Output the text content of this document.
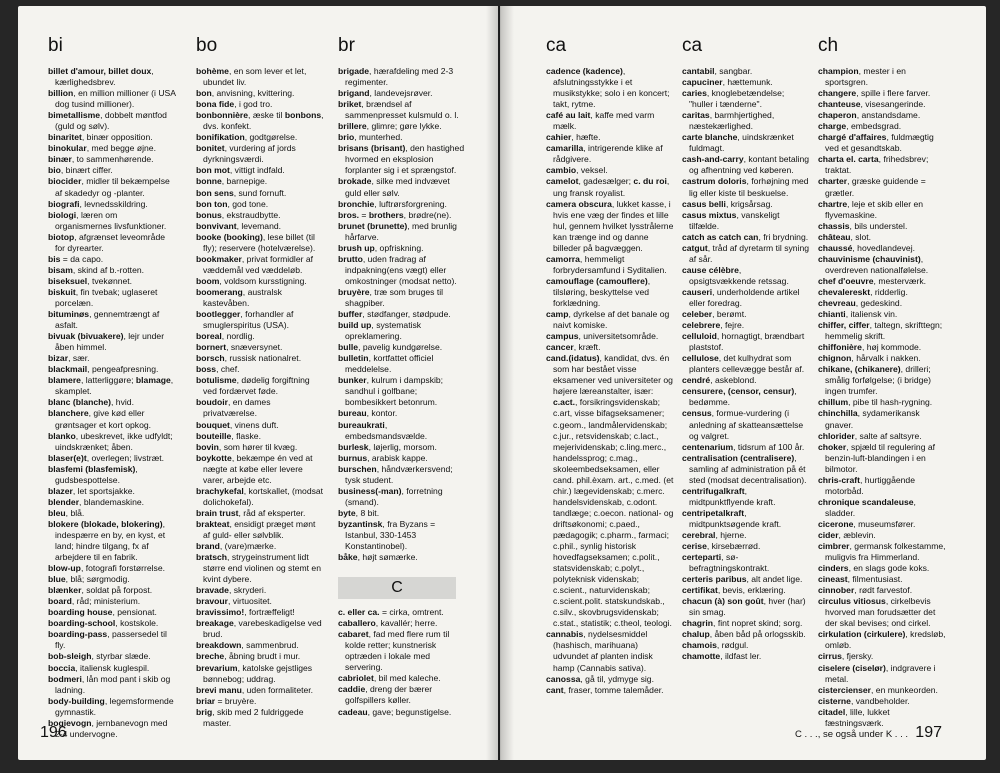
bi

billet d'amour, billet doux, kærlighedsbrev.

billion, en million millioner (i USA dog tusind millioner).

bimetallisme, dobbelt møntfod (guld og sølv).

binaritet, binær opposition.

binokular, med begge øjne.

binær, to sammenhørende.

bio, binært ciffer.

biocider, midler til bekæmpelse af skadedyr og -planter.

biografi, levnedsskildring.

biologi, læren om organismernes livsfunktioner.

biotop, afgrænset leveområde for dyrearter.

bis = da capo.

bisam, skind af b.-rotten.

biseksuel, tvekønnet.

biskuit, fin tvebak; uglaseret porcelæn.

bituminøs, gennemtrængt af asfalt.

bivuak (bivuakere), lejr under åben himmel.

bizar, sær.

blackmail, pengeafpresning.

blamere, latterliggøre; blamage, skamplet.

blanc (blanche), hvid.

blanchere, give kød eller grøntsager et kort opkog.

blanko, ubeskrevet, ikke udfyldt; uindskrænket; åben.

blaser(e)t, overlegen; livstræt.

blasfemi (blasfemisk), gudsbespottelse.

blazer, let sportsjakke.

blender, blandemaskine.

bleu, blå.

blokere (blokade, blokering), indespærre en by, en kyst, et land; hindre tilgang, fx af arbejdere til en fabrik.

blow-up, fotografi forstørrelse.

blue, blå; sørgmodig.

blænker, soldat på forpost.

board, råd; ministerium.

boarding house, pensionat.

boarding-school, kostskole.

boarding-pass, passersedel til fly.

bob-sleigh, styrbar slæde.

boccia, italiensk kuglespil.

bodmeri, lån mod pant i skib og ladning.

body-building, legemsformende gymnastik.

bogievogn, jernbanevogn med 2-4 undervogne.

bo

bohème, en som lever et let, ubundet liv.

bon, anvisning, kvittering.

bona fide, i god tro.

bonbonnière, æske til bonbons, dvs. konfekt.

bonifikation, godtgørelse.

bonitet, vurdering af jords dyrkningsværdi.

bon mot, vittigt indfald.

bonne, barnepige.

bon sens, sund fornuft.

bon ton, god tone.

bonus, ekstraudbytte.

bonvivant, levemand.

booke (booking), lese billet (til fly); reservere (hotelværelse).

bookmaker, privat formidler af væddemål ved væddeløb.

boom, voldsom kursstigning.

boomerang, australsk kastevåben.

bootlegger, forhandler af smuglerspiritus (USA).

boreal, nordlig.

bornert, snæversynet.

borsch, russisk nationalret.

boss, chef.

botulisme, dødelig forgiftning ved fordærvet føde.

boudoir, en dames privatværelse.

bouquet, vinens duft.

bouteille, flaske.

bovin, som hører til kvæg.

boykotte, bekæmpe én ved at nægte at købe eller levere varer, arbejde etc.

brachykefal, kortskallet, (modsat dolichokefal).

brain trust, råd af eksperter.

brakteat, ensidigt præget mønt af guld- eller sølvblik.

brand, (vare)mærke.

bratsch, strygeinstrument lidt større end violinen og stemt en kvint dybere.

bravade, skryderi.

bravour, virtuositet.

bravissimo!, fortræffeligt!

breakage, varebeskadigelse ved brud.

breakdown, sammenbrud.

breche, åbning brudt i mur.

brevarium, katolske gejstliges bønnebog; uddrag.

brevi manu, uden formaliteter.

briar = bruyère.

brig, skib med 2 fuldriggede master.

br

brigade, hærafdeling med 2-3 regimenter.

brigand, landevejsrøver.

briket, brændsel af sammenpresset kulsmuld o. l.

brillere, glimre; gøre lykke.

brio, munterhed.

brisans (brisant), den hastighed hvormed en eksplosion forplanter sig i et sprængstof.

brokade, silke med indvævet guld eller sølv.

bronchie, luftrørsforgrening.

bros. = brothers, brødre(ne).

brunet (brunette), med brunlig hårfarve.

brush up, opfriskning.

brutto, uden fradrag af indpakning(ens vægt) eller omkostninger (modsat netto).

bruyère, træ som bruges til shagpiber.

buffer, stødfanger, stødpude.

build up, systematisk opreklamering.

bulle, pavelig kundgørelse.

bulletin, kortfattet officiel meddelelse.

bunker, kulrum i dampskib; sandhul i golfbane; bombesikkert betonrum.

bureau, kontor.

bureaukrati, embedsmandsvælde.

burlesk, løjerlig, morsom.

burnus, arabisk kappe.

burschen, håndværkersvend; tysk student.

business(-man), forretning (smand).

byte, 8 bit.

byzantinsk, fra Byzans = Istanbul, 330-1453 Konstantinobel).

båke, højt sømærke.

C

c. eller ca. = cirka, omtrent.

caballero, kavallér; herre.

cabaret, fad med flere rum til kolde retter; kunstnerisk optræden i lokale med servering.

cabriolet, bil med kaleche.

caddie, dreng der bærer golfspillers køller.

cadeau, gave; begunstigelse.

196
ca

cadence (kadence), afslutningsstykke i et musikstykke; solo i en koncert; takt, rytme.

café au lait, kaffe med varm mælk.

cahier, hæfte.

camarilla, intrigerende klike af rådgivere.

cambio, veksel.

camelot, gadesælger; c. du roi, ung fransk royalist.

camera obscura, lukket kasse, i hvis ene væg der findes et lille hul, gennem hvilket lysstrålerne kan trænge ind og danne billeder på bagvæggen.

camorra, hemmeligt forbrydersamfund i Syditalien.

camouflage (camouflere), tilsløring, beskyttelse ved forklædning.

camp, dyrkelse af det banale og naivt komiske.

campus, universitetsområde.

cancer, kræft.

cand.(idatus), kandidat, dvs. én som har bestået visse eksamener ved universiteter og højere læreanstalter, især: c.act., forsikringsvidenskab; c.art, visse bifagseksamener; c.geom., landmålervidenskab; c.jur., retsvidenskab; c.lact., mejerividenskab; c.ling.merc., handelssprog; c.mag., skoleembedseksamen, eller cand. phil.èxam. art., c.med. (et chir.) lægevidenskab; c.merc. handelsvidenskab, c.odont. tandlæge; c.oecon. national- og driftsøkonomi; c.paed., pædagogik; c.pharm., farmaci; c.phil., synlig historisk hovedfagseksamen; c.polit., statsvidenskab; c.polyt., polyteknisk videnskab; c.scient., naturvidenskab; c.scient.polit. statskundskab., c.silv., skovbrugsvidenskab; c.stat., statistik; c.theol, teologi.

cannabis, nydelsesmiddel (hashisch, marihuana) udvundet af planten indisk hamp (Cannabis sativa).

canossa, gå til, ydmyge sig.

cant, fraser, tomme talemåder.

ca

cantabil, sangbar.

capuciner, hættemunk.

caries, knoglebetændelse; "huller i tænderne".

caritas, barmhjertighed, næstekærlighed.

carte blanche, uindskrænket fuldmagt.

cash-and-carry, kontant betaling og afhentning ved køberen.

castrum doloris, forhøjning med lig eller kiste til beskuelse.

casus belli, krigsårsag.

casus mixtus, vanskeligt tilfælde.

catch as catch can, fri brydning.

catgut, tråd af dyretarm til syning af sår.

cause célèbre, opsigtsvækkende retssag.

causeri, underholdende artikel eller foredrag.

celeber, berømt.

celebrere, fejre.

celluloid, hornagtigt, brændbart plaststof.

cellulose, det kulhydrat som planters cellevægge består af.

cendré, askeblond.

censurere, (censor, censur), bedømme.

census, formue-vurdering (i anledning af skatteansættelse og valgret.

centenarium, tidsrum af 100 år.

centralisation (centralisere), samling af administration på ét sted (modsat decentralisation).

centrifugalkraft, midtpunktflyende kraft.

centripetalkraft, midtpunktsøgende kraft.

cerebral, hjerne.

cerise, kirsebærrød.

certeparti, sø-befragtningskontrakt.

certeris paribus, alt andet lige.

certifikat, bevis, erklæring.

chacun (à) son goût, hver (har) sin smag.

chagrin, fint nopret skind; sorg.

chalup, åben båd på orlogsskib.

chamois, rødgul.

chamotte, ildfast ler.

ch

champion, mester i en sportsgren.

changere, spille i flere farver.

chanteuse, visesangerinde.

chaperon, anstandsdame.

charge, embedsgrad.

chargé d'affaires, fuldmægtig ved et gesandtskab.

charta el. carta, frihedsbrev; traktat.

charter, græske guidende = grætler.

chartre, leje et skib eller en flyvemaskine.

chassis, bils understel.

château, slot.

chaussé, hovedlandevej.

chauvinisme (chauvinist), overdreven nationalfølelse.

chef d'oeuvre, mesterværk.

chevalereskt, ridderlig.

chevreau, gedeskind.

chianti, italiensk vin.

chiffer, ciffer, taltegn, skrifttegn; hemmelig skrift.

chiffonière, høj kommode.

chignon, hårvalk i nakken.

chikane, (chikanere), drilleri; smålig forfølgelse; (i bridge) ingen trumfer.

chillum, pibe til hash-rygning.

chinchilla, sydamerikansk gnaver.

chlorider, salte af saltsyre.

choker, spjæld til regulering af benzin-luft-blandingen i en bilmotor.

chris-craft, hurtiggående motorbåd.

chronique scandaleuse, sladder.

cicerone, museumsfører.

cider, æblevin.

cimbrer, germansk folkestamme, muligvis fra Himmerland.

cinders, en slags gode koks.

cineast, filmentusiast.

cinnober, rødt farvestof.

circulus vitiosus, cirkelbevis hvorved man forudsætter det der skal bevises; ond cirkel.

cirkulation (cirkulere), kredsløb, omløb.

cirrus, fjersky.

ciselere (ciselør), indgravere i metal.

cistercienser, en munkeorden.

cisterne, vandbeholder.

citadel, lille, lukket fæstningsværk.

C . . ., se også under K . . . 197
